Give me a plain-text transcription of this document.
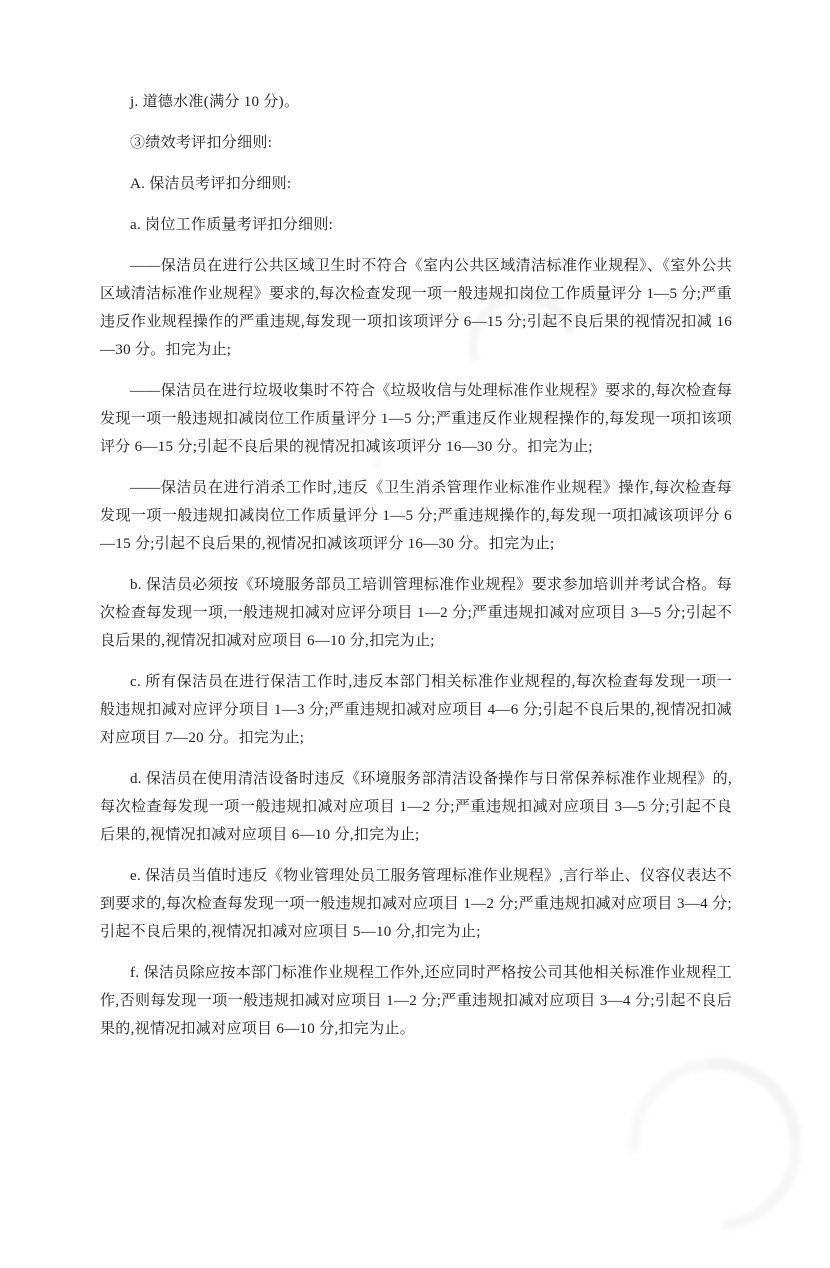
j. 道德水准(满分 10 分)。

③绩效考评扣分细则:

A. 保洁员考评扣分细则:

a. 岗位工作质量考评扣分细则:

——保洁员在进行公共区域卫生时不符合《室内公共区域清洁标准作业规程》、《室外公共区域清洁标准作业规程》要求的,每次检查发现一项一般违规扣岗位工作质量评分 1—5 分;严重违反作业规程操作的严重违规,每发现一项扣该项评分 6—15 分;引起不良后果的视情况扣减 16—30 分。扣完为止;

——保洁员在进行垃圾收集时不符合《垃圾收信与处理标准作业规程》要求的,每次检查每发现一项一般违规扣减岗位工作质量评分 1—5 分;严重违反作业规程操作的,每发现一项扣该项评分 6—15 分;引起不良后果的视情况扣减该项评分 16—30 分。扣完为止;

——保洁员在进行消杀工作时,违反《卫生消杀管理作业标准作业规程》操作,每次检查每发现一项一般违规扣减岗位工作质量评分 1—5 分;严重违规操作的,每发现一项扣减该项评分 6—15 分;引起不良后果的,视情况扣减该项评分 16—30 分。扣完为止;

b. 保洁员必须按《环境服务部员工培训管理标准作业规程》要求参加培训并考试合格。每次检查每发现一项,一般违规扣减对应评分项目 1—2 分;严重违规扣减对应项目 3—5 分;引起不良后果的,视情况扣减对应项目 6—10 分,扣完为止;

c. 所有保洁员在进行保洁工作时,违反本部门相关标准作业规程的,每次检查每发现一项一般违规扣减对应评分项目 1—3 分;严重违规扣减对应项目 4—6 分;引起不良后果的,视情况扣减对应项目 7—20 分。扣完为止;

d. 保洁员在使用清洁设备时违反《环境服务部清洁设备操作与日常保养标准作业规程》的,每次检查每发现一项一般违规扣减对应项目 1—2 分;严重违规扣减对应项目 3—5 分;引起不良后果的,视情况扣减对应项目 6—10 分,扣完为止;

e. 保洁员当值时违反《物业管理处员工服务管理标准作业规程》,言行举止、仪容仪表达不到要求的,每次检查每发现一项一般违规扣减对应项目 1—2 分;严重违规扣减对应项目 3—4 分;引起不良后果的,视情况扣减对应项目 5—10 分,扣完为止;

f. 保洁员除应按本部门标准作业规程工作外,还应同时严格按公司其他相关标准作业规程工作,否则每发现一项一般违规扣减对应项目 1—2 分;严重违规扣减对应项目 3—4 分;引起不良后果的,视情况扣减对应项目 6—10 分,扣完为止。
